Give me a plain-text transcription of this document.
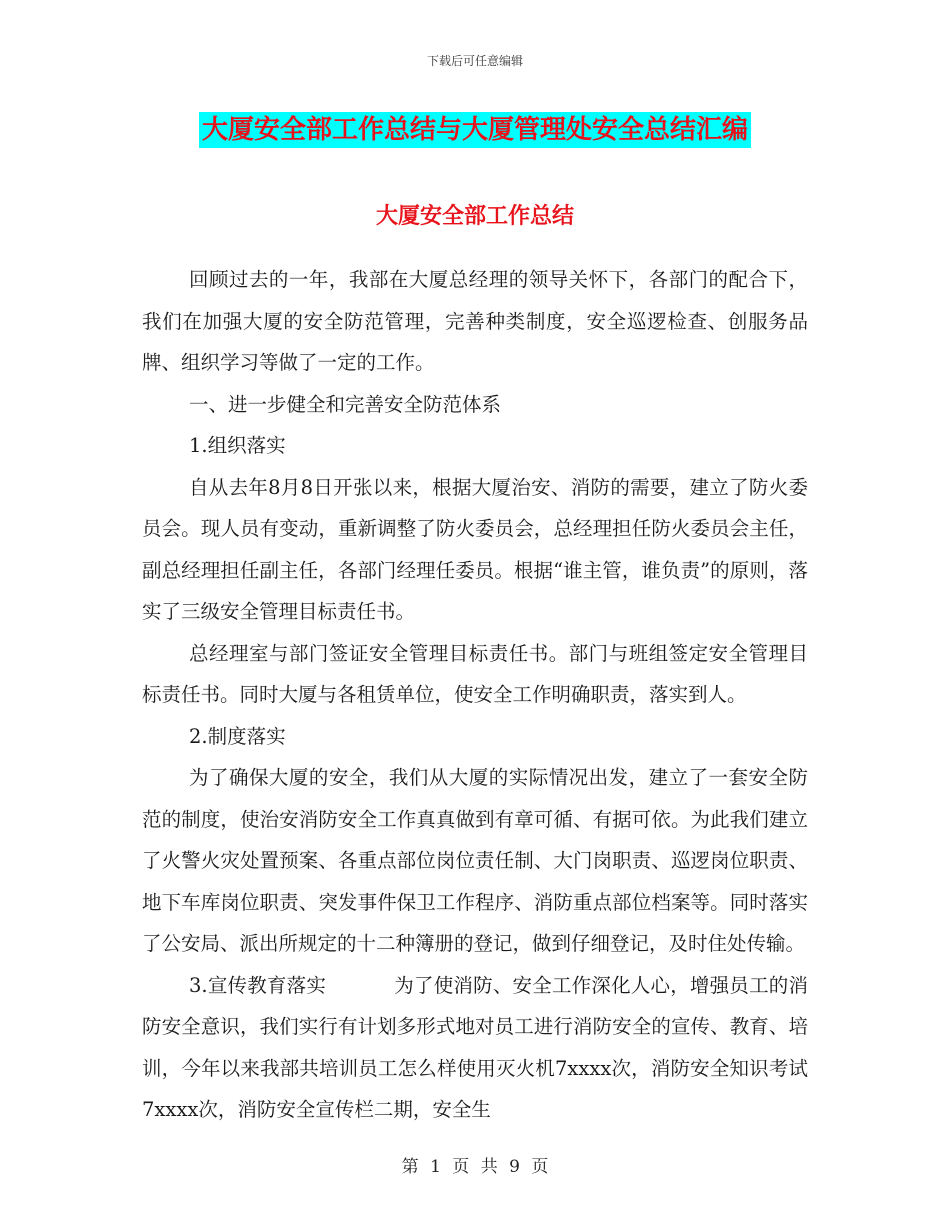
下载后可任意编辑
大厦安全部工作总结与大厦管理处安全总结汇编
大厦安全部工作总结

回顾过去的一年，我部在大厦总经理的领导关怀下，各部门的配合下，我们在加强大厦的安全防范管理，完善种类制度，安全巡逻检查、创服务品牌、组织学习等做了一定的工作。

一、进一步健全和完善安全防范体系

1.组织落实

自从去年8月8日开张以来，根据大厦治安、消防的需要，建立了防火委员会。现人员有变动，重新调整了防火委员会，总经理担任防火委员会主任，副总经理担任副主任，各部门经理任委员。根据“谁主管，谁负责”的原则，落实了三级安全管理目标责任书。

总经理室与部门签证安全管理目标责任书。部门与班组签定安全管理目标责任书。同时大厦与各租赁单位，使安全工作明确职责，落实到人。

2.制度落实

为了确保大厦的安全，我们从大厦的实际情况出发，建立了一套安全防范的制度，使治安消防安全工作真真做到有章可循、有据可依。为此我们建立了火警火灾处置预案、各重点部位岗位责任制、大门岗职责、巡逻岗位职责、地下车库岗位职责、突发事件保卫工作程序、消防重点部位档案等。同时落实了公安局、派出所规定的十二种簿册的登记，做到仔细登记，及时住处传输。

3.宣传教育落实	为了使消防、安全工作深化人心，增强员工的消防安全意识，我们实行有计划多形式地对员工进行消防安全的宣传、教育、培训，今年以来我部共培训员工怎么样使用灭火机7xxxx次，消防安全知识考试7xxxx次，消防安全宣传栏二期，安全生

第 1 页 共 9 页
